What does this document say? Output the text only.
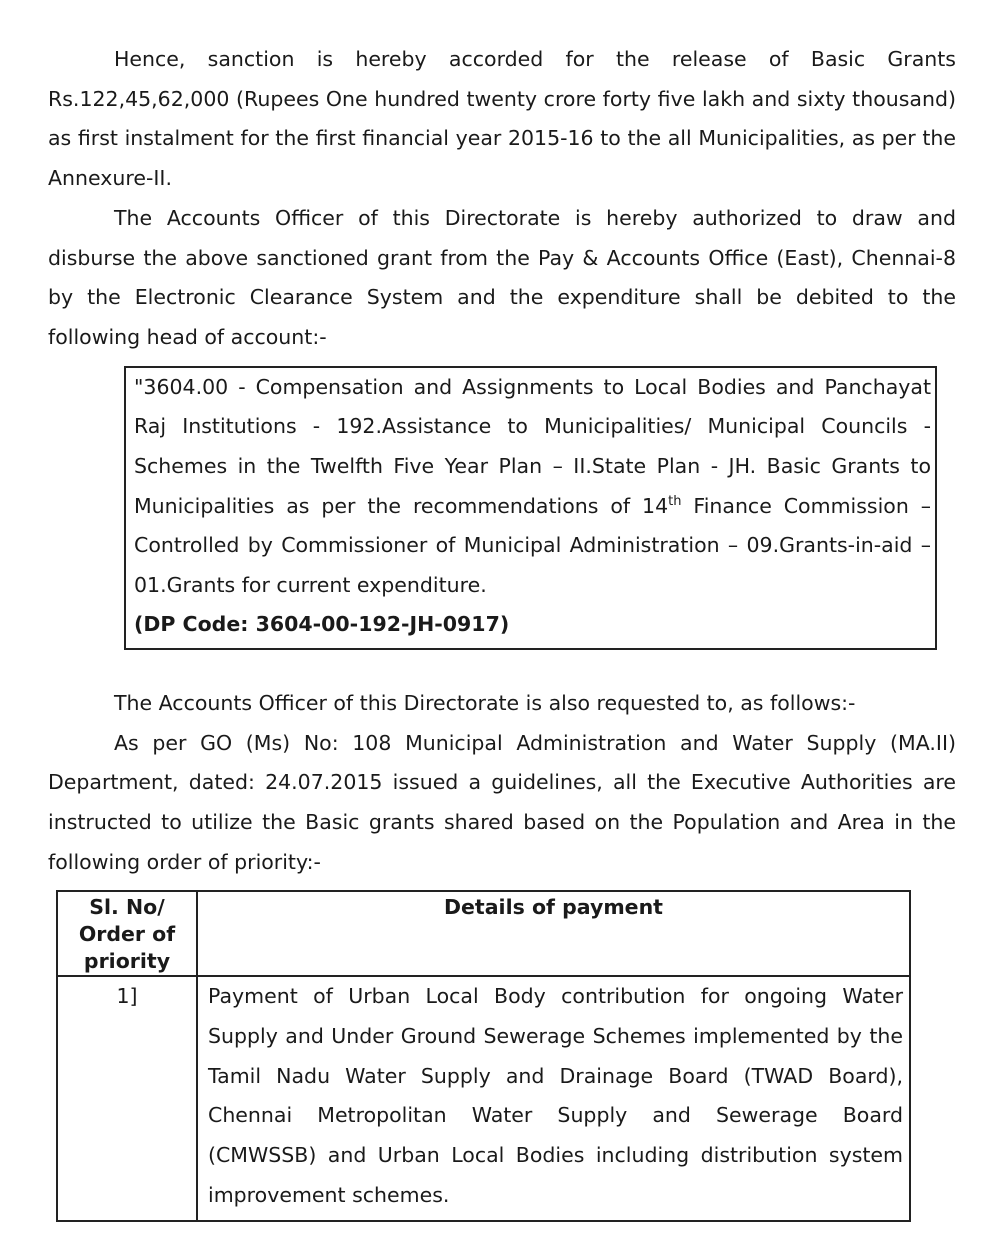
Hence, sanction is hereby accorded for the release of Basic Grants Rs.122,45,62,000 (Rupees One hundred twenty crore forty five lakh and sixty thousand) as first instalment for the first financial year 2015-16 to the all Municipalities, as per the Annexure-II.

The Accounts Officer of this Directorate is hereby authorized to draw and disburse the above sanctioned grant from the Pay & Accounts Office (East), Chennai-8 by the Electronic Clearance System and the expenditure shall be debited to the following head of account:-

"3604.00 - Compensation and Assignments to Local Bodies and Panchayat Raj Institutions - 192.Assistance to Municipalities/ Municipal Councils - Schemes in the Twelfth Five Year Plan – II.State Plan - JH. Basic Grants to Municipalities as per the recommendations of 14th Finance Commission – Controlled by Commissioner of Municipal Administration – 09.Grants-in-aid – 01.Grants for current expenditure.

(DP Code: 3604-00-192-JH-0917)

The Accounts Officer of this Directorate is also requested to, as follows:-

As per GO (Ms) No: 108 Municipal Administration and Water Supply (MA.II) Department, dated: 24.07.2015 issued a guidelines, all the Executive Authorities are instructed to utilize the Basic grants shared based on the Population and Area in the following order of priority:-

Sl. No/ Order of priority	Details of payment
1]	Payment of Urban Local Body contribution for ongoing Water Supply and Under Ground Sewerage Schemes implemented by the Tamil Nadu Water Supply and Drainage Board (TWAD Board), Chennai Metropolitan Water Supply and Sewerage Board (CMWSSB) and Urban Local Bodies including distribution system improvement schemes.
